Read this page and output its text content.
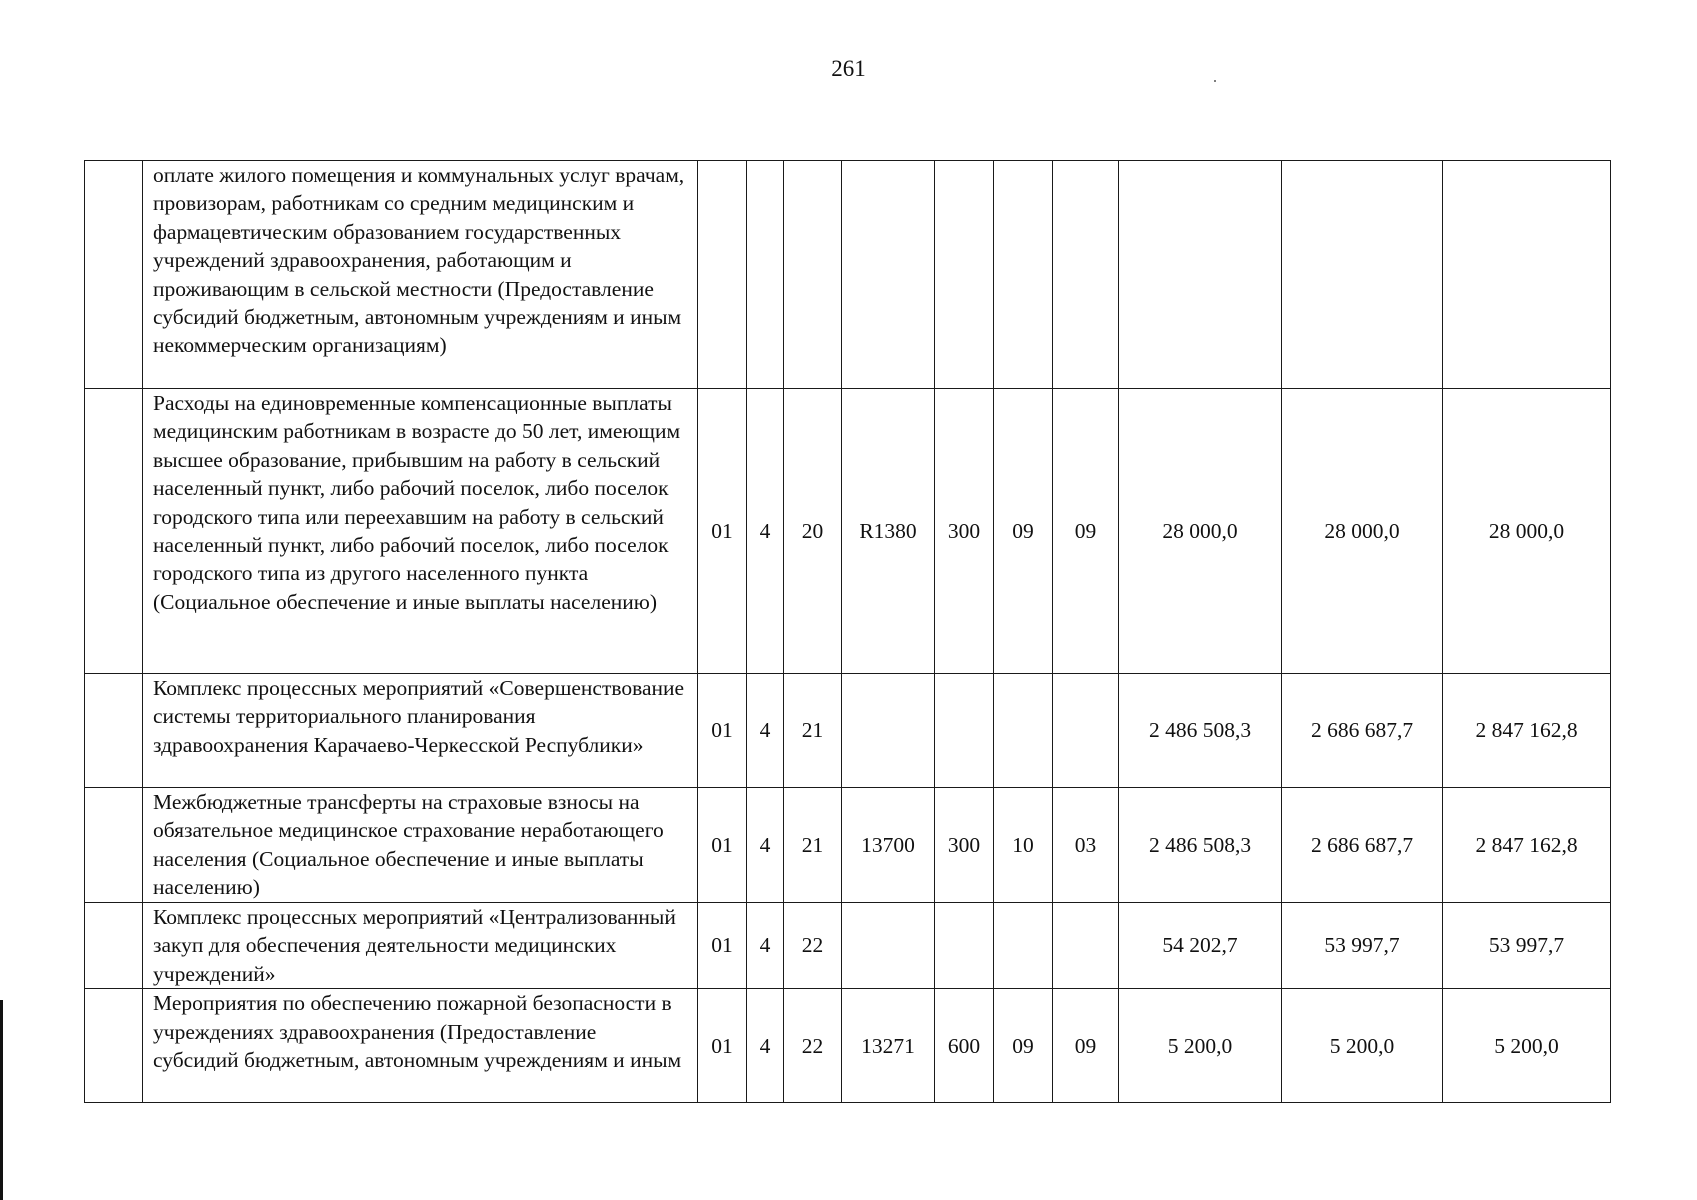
261
	оплате жилого помещения и коммунальных услуг врачам, провизорам, работникам со средним медицинским и фармацевтическим образованием государственных учреждений здравоохранения, работающим и проживающим в сельской местности (Предоставление субсидий бюджетным, автономным учреждениям и иным некоммерческим организациям)										
	Расходы на единовременные компенсационные выплаты медицинским работникам в возрасте до 50 лет, имеющим высшее образование, прибывшим на работу в сельский населенный пункт, либо рабочий поселок, либо поселок городского типа или переехавшим на работу в сельский населенный пункт, либо рабочий поселок, либо поселок городского типа из другого населенного пункта (Социальное обеспечение и иные выплаты населению)	01	4	20	R1380	300	09	09	28 000,0	28 000,0	28 000,0
	Комплекс процессных мероприятий «Совершенствование системы территориального планирования здравоохранения Карачаево-Черкесской Республики»	01	4	21					2 486 508,3	2 686 687,7	2 847 162,8
	Межбюджетные трансферты на страховые взносы на обязательное медицинское страхование неработающего населения (Социальное обеспечение и иные выплаты населению)	01	4	21	13700	300	10	03	2 486 508,3	2 686 687,7	2 847 162,8
	Комплекс процессных мероприятий «Централизованный закуп для обеспечения деятельности медицинских учреждений»	01	4	22					54 202,7	53 997,7	53 997,7
	Мероприятия по обеспечению пожарной безопасности в учреждениях здравоохранения (Предоставление субсидий бюджетным, автономным учреждениям и иным	01	4	22	13271	600	09	09	5 200,0	5 200,0	5 200,0
